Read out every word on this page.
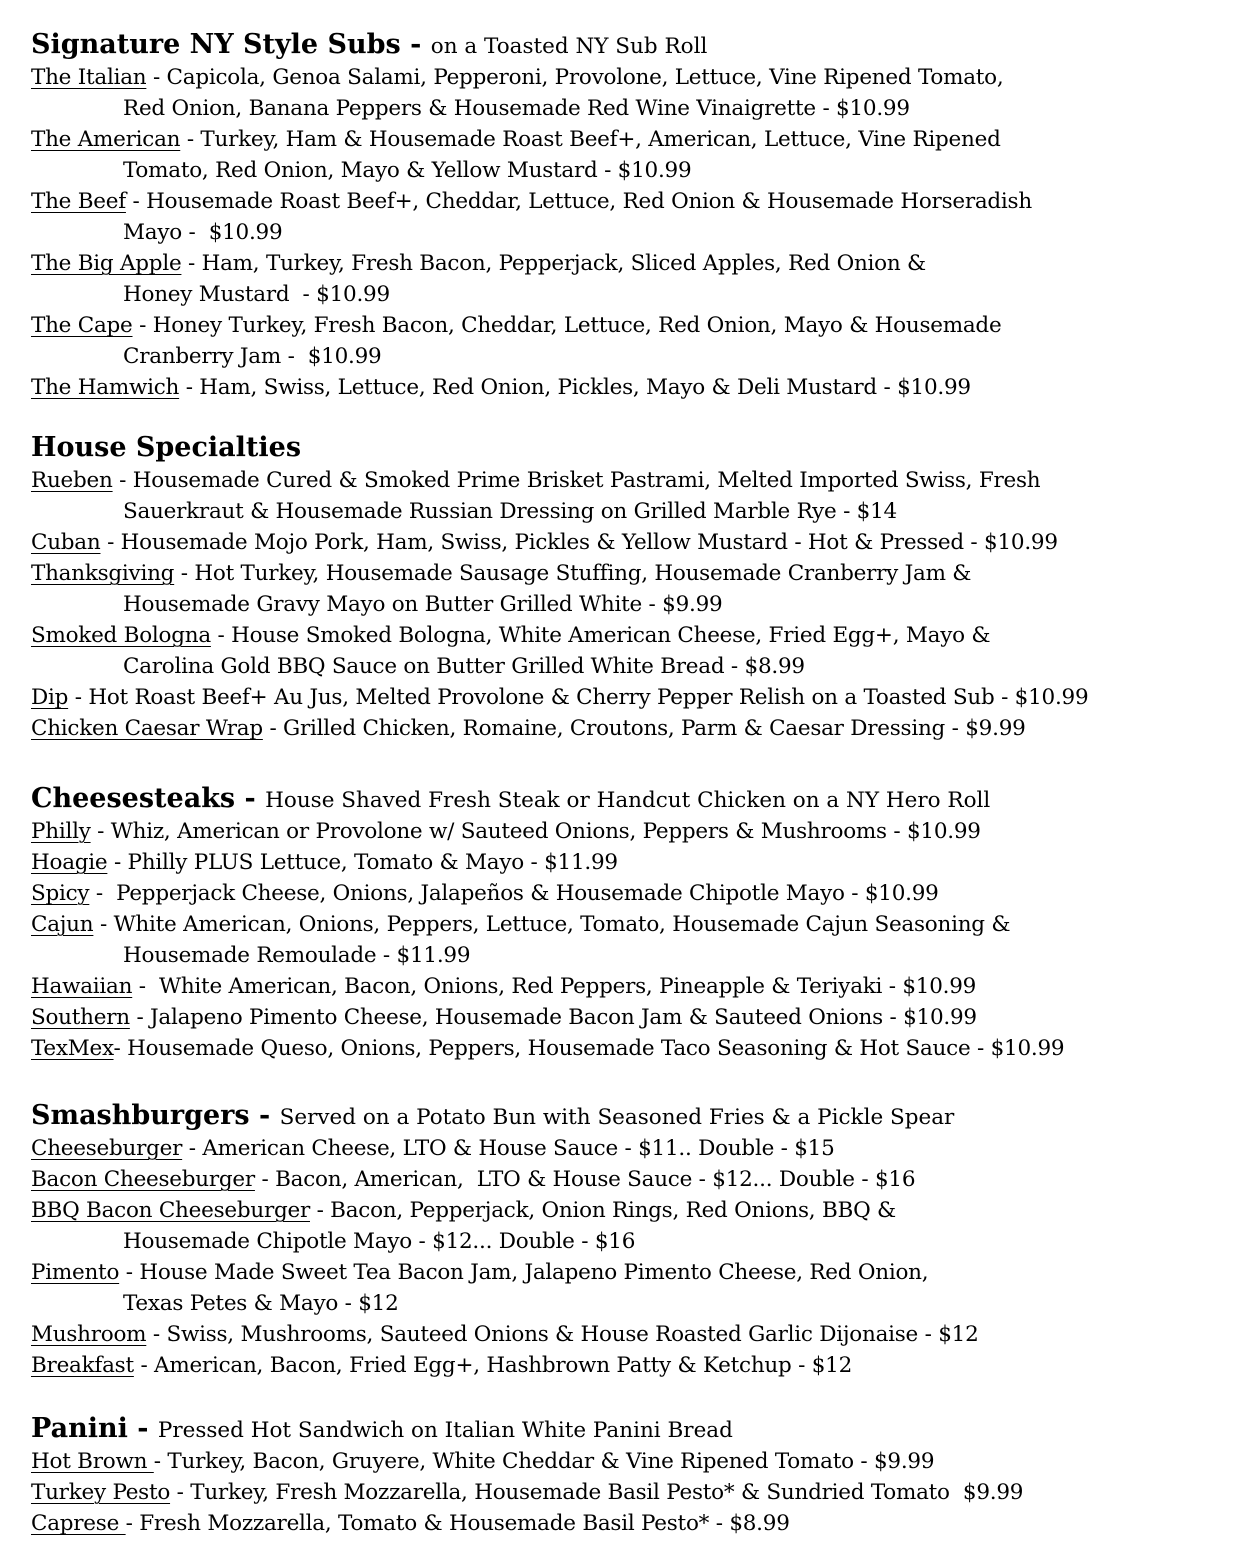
Signature NY Style Subs - on a Toasted NY Sub Roll
The Italian - Capicola, Genoa Salami, Pepperoni, Provolone, Lettuce, Vine Ripened Tomato,
Red Onion, Banana Peppers & Housemade Red Wine Vinaigrette - $10.99
The American - Turkey, Ham & Housemade Roast Beef+, American, Lettuce, Vine Ripened
Tomato, Red Onion, Mayo & Yellow Mustard - $10.99
The Beef - Housemade Roast Beef+, Cheddar, Lettuce, Red Onion & Housemade Horseradish
Mayo -  $10.99
The Big Apple - Ham, Turkey, Fresh Bacon, Pepperjack, Sliced Apples, Red Onion &
Honey Mustard  - $10.99
The Cape - Honey Turkey, Fresh Bacon, Cheddar, Lettuce, Red Onion, Mayo & Housemade
Cranberry Jam -  $10.99
The Hamwich - Ham, Swiss, Lettuce, Red Onion, Pickles, Mayo & Deli Mustard - $10.99
House Specialties
Rueben - Housemade Cured & Smoked Prime Brisket Pastrami, Melted Imported Swiss, Fresh
Sauerkraut & Housemade Russian Dressing on Grilled Marble Rye - $14
Cuban - Housemade Mojo Pork, Ham, Swiss, Pickles & Yellow Mustard - Hot & Pressed - $10.99
Thanksgiving - Hot Turkey, Housemade Sausage Stuffing, Housemade Cranberry Jam &
Housemade Gravy Mayo on Butter Grilled White - $9.99
Smoked Bologna - House Smoked Bologna, White American Cheese, Fried Egg+, Mayo &
Carolina Gold BBQ Sauce on Butter Grilled White Bread - $8.99
Dip - Hot Roast Beef+ Au Jus, Melted Provolone & Cherry Pepper Relish on a Toasted Sub - $10.99
Chicken Caesar Wrap - Grilled Chicken, Romaine, Croutons, Parm & Caesar Dressing - $9.99
Cheesesteaks - House Shaved Fresh Steak or Handcut Chicken on a NY Hero Roll
Philly - Whiz, American or Provolone w/ Sauteed Onions, Peppers & Mushrooms - $10.99
Hoagie - Philly PLUS Lettuce, Tomato & Mayo - $11.99
Spicy -  Pepperjack Cheese, Onions, Jalapeños & Housemade Chipotle Mayo - $10.99
Cajun - White American, Onions, Peppers, Lettuce, Tomato, Housemade Cajun Seasoning &
Housemade Remoulade - $11.99
Hawaiian -  White American, Bacon, Onions, Red Peppers, Pineapple & Teriyaki - $10.99
Southern - Jalapeno Pimento Cheese, Housemade Bacon Jam & Sauteed Onions - $10.99
TexMex- Housemade Queso, Onions, Peppers, Housemade Taco Seasoning & Hot Sauce - $10.99
Smashburgers - Served on a Potato Bun with Seasoned Fries & a Pickle Spear
Cheeseburger - American Cheese, LTO & House Sauce - $11.. Double - $15
Bacon Cheeseburger - Bacon, American,  LTO & House Sauce - $12... Double - $16
BBQ Bacon Cheeseburger - Bacon, Pepperjack, Onion Rings, Red Onions, BBQ &
Housemade Chipotle Mayo - $12... Double - $16
Pimento - House Made Sweet Tea Bacon Jam, Jalapeno Pimento Cheese, Red Onion,
Texas Petes & Mayo - $12
Mushroom - Swiss, Mushrooms, Sauteed Onions & House Roasted Garlic Dijonaise - $12
Breakfast - American, Bacon, Fried Egg+, Hashbrown Patty & Ketchup - $12
Panini - Pressed Hot Sandwich on Italian White Panini Bread
Hot Brown - Turkey, Bacon, Gruyere, White Cheddar & Vine Ripened Tomato - $9.99
Turkey Pesto - Turkey, Fresh Mozzarella, Housemade Basil Pesto* & Sundried Tomato  $9.99
Caprese - Fresh Mozzarella, Tomato & Housemade Basil Pesto* - $8.99
